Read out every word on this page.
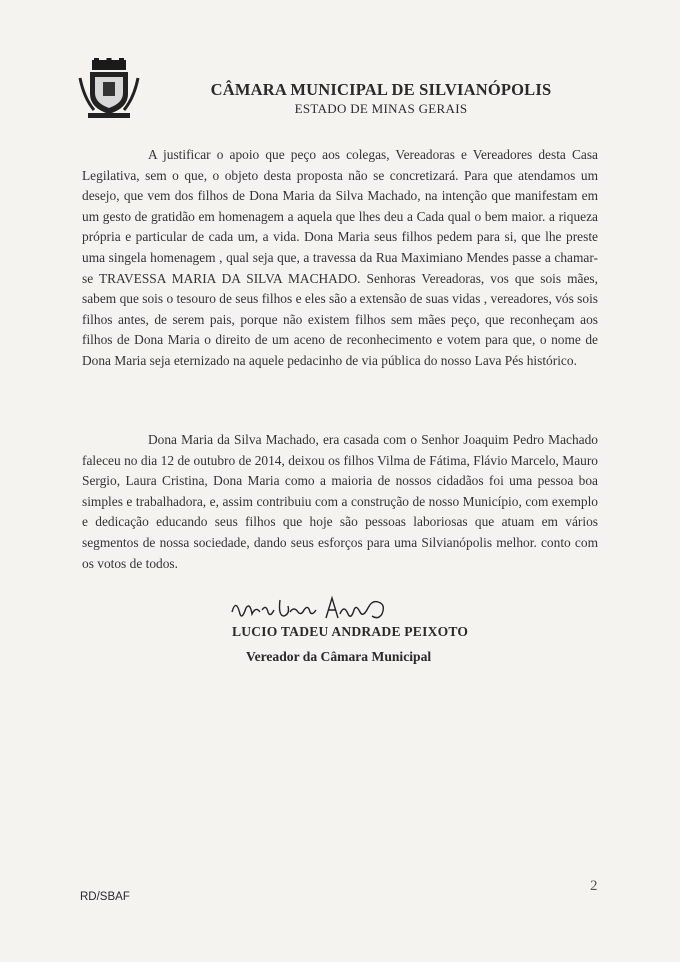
CÂMARA MUNICIPAL DE SILVIANÓPOLIS
ESTADO DE MINAS GERAIS
A justificar o apoio que peço aos colegas, Vereadoras e Vereadores desta Casa Legilativa, sem o que, o objeto desta proposta não se concretizará. Para que atendamos um desejo, que vem dos filhos de Dona Maria da Silva Machado, na intenção que manifestam em um gesto de gratidão em homenagem a aquela que lhes deu a Cada qual o bem maior. a riqueza própria e particular de cada um, a vida. Dona Maria seus filhos pedem para si, que lhe preste uma singela homenagem , qual seja que, a travessa da Rua Maximiano Mendes passe a chamar-se TRAVESSA MARIA DA SILVA MACHADO. Senhoras Vereadoras, vos que sois mães, sabem que sois o tesouro de seus filhos e eles são a extensão de suas vidas , vereadores, vós sois filhos antes, de serem pais, porque não existem filhos sem mães peço, que reconheçam aos filhos de Dona Maria o direito de um aceno de reconhecimento e votem para que, o nome de Dona Maria seja eternizado na aquele pedacinho de via pública do nosso Lava Pés histórico.
Dona Maria da Silva Machado, era casada com o Senhor Joaquim Pedro Machado faleceu no dia 12 de outubro de 2014, deixou os filhos Vilma de Fátima, Flávio Marcelo, Mauro Sergio, Laura Cristina, Dona Maria como a maioria de nossos cidadãos foi uma pessoa boa simples e trabalhadora, e, assim contribuiu com a construção de nosso Município, com exemplo e dedicação educando seus filhos que hoje são pessoas laboriosas que atuam em vários segmentos de nossa sociedade, dando seus esforços para uma Silvianópolis melhor. conto com os votos de todos.
LUCIO TADEU ANDRADE PEIXOTO
Vereador da Câmara Municipal
2
RD/SBAF
